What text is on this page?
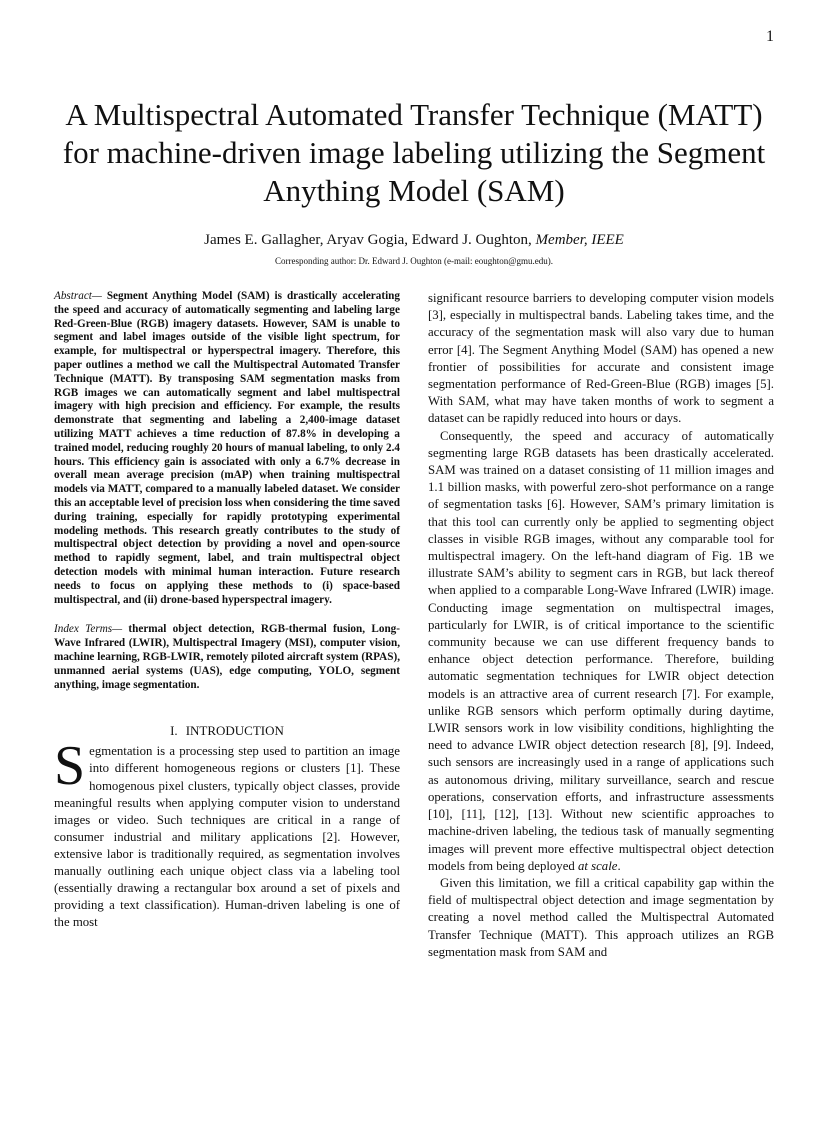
1
A Multispectral Automated Transfer Technique (MATT) for machine-driven image labeling utilizing the Segment Anything Model (SAM)
James E. Gallagher, Aryav Gogia, Edward J. Oughton, Member, IEEE
Corresponding author: Dr. Edward J. Oughton (e-mail: eoughton@gmu.edu).

Abstract— Segment Anything Model (SAM) is drastically accelerating the speed and accuracy of automatically segmenting and labeling large Red-Green-Blue (RGB) imagery datasets. However, SAM is unable to segment and label images outside of the visible light spectrum, for example, for multispectral or hyperspectral imagery. Therefore, this paper outlines a method we call the Multispectral Automated Transfer Technique (MATT). By transposing SAM segmentation masks from RGB images we can automatically segment and label multispectral imagery with high precision and efficiency. For example, the results demonstrate that segmenting and labeling a 2,400-image dataset utilizing MATT achieves a time reduction of 87.8% in developing a trained model, reducing roughly 20 hours of manual labeling, to only 2.4 hours. This efficiency gain is associated with only a 6.7% decrease in overall mean average precision (mAP) when training multispectral models via MATT, compared to a manually labeled dataset. We consider this an acceptable level of precision loss when considering the time saved during training, especially for rapidly prototyping experimental modeling methods. This research greatly contributes to the study of multispectral object detection by providing a novel and open-source method to rapidly segment, label, and train multispectral object detection models with minimal human interaction. Future research needs to focus on applying these methods to (i) space-based multispectral, and (ii) drone-based hyperspectral imagery.

Index Terms— thermal object detection, RGB-thermal fusion, Long-Wave Infrared (LWIR), Multispectral Imagery (MSI), computer vision, machine learning, RGB-LWIR, remotely piloted aircraft system (RPAS), unmanned aerial systems (UAS), edge computing, YOLO, segment anything, image segmentation.
I. INTRODUCTION
Segmentation is a processing step used to partition an image into different homogeneous regions or clusters [1]. These homogenous pixel clusters, typically object classes, provide meaningful results when applying computer vision to understand images or video. Such techniques are critical in a range of consumer industrial and military applications [2]. However, extensive labor is traditionally required, as segmentation involves manually outlining each unique object class via a labeling tool (essentially drawing a rectangular box around a set of pixels and providing a text classification). Human-driven labeling is one of the most

significant resource barriers to developing computer vision models [3], especially in multispectral bands. Labeling takes time, and the accuracy of the segmentation mask will also vary due to human error [4]. The Segment Anything Model (SAM) has opened a new frontier of possibilities for accurate and consistent image segmentation performance of Red-Green-Blue (RGB) images [5]. With SAM, what may have taken months of work to segment a dataset can be rapidly reduced into hours or days.

Consequently, the speed and accuracy of automatically segmenting large RGB datasets has been drastically accelerated. SAM was trained on a dataset consisting of 11 million images and 1.1 billion masks, with powerful zero-shot performance on a range of segmentation tasks [6]. However, SAM’s primary limitation is that this tool can currently only be applied to segmenting object classes in visible RGB images, without any comparable tool for multispectral imagery. On the left-hand diagram of Fig. 1B we illustrate SAM’s ability to segment cars in RGB, but lack thereof when applied to a comparable Long-Wave Infrared (LWIR) image. Conducting image segmentation on multispectral images, particularly for LWIR, is of critical importance to the scientific community because we can use different frequency bands to enhance object detection performance. Therefore, building automatic segmentation techniques for LWIR object detection models is an attractive area of current research [7]. For example, unlike RGB sensors which perform optimally during daytime, LWIR sensors work in low visibility conditions, highlighting the need to advance LWIR object detection research [8], [9]. Indeed, such sensors are increasingly used in a range of applications such as autonomous driving, military surveillance, search and rescue operations, conservation efforts, and infrastructure assessments [10], [11], [12], [13]. Without new scientific approaches to machine-driven labeling, the tedious task of manually segmenting images will prevent more effective multispectral object detection models from being deployed at scale.

Given this limitation, we fill a critical capability gap within the field of multispectral object detection and image segmentation by creating a novel method called the Multispectral Automated Transfer Technique (MATT). This approach utilizes an RGB segmentation mask from SAM and
